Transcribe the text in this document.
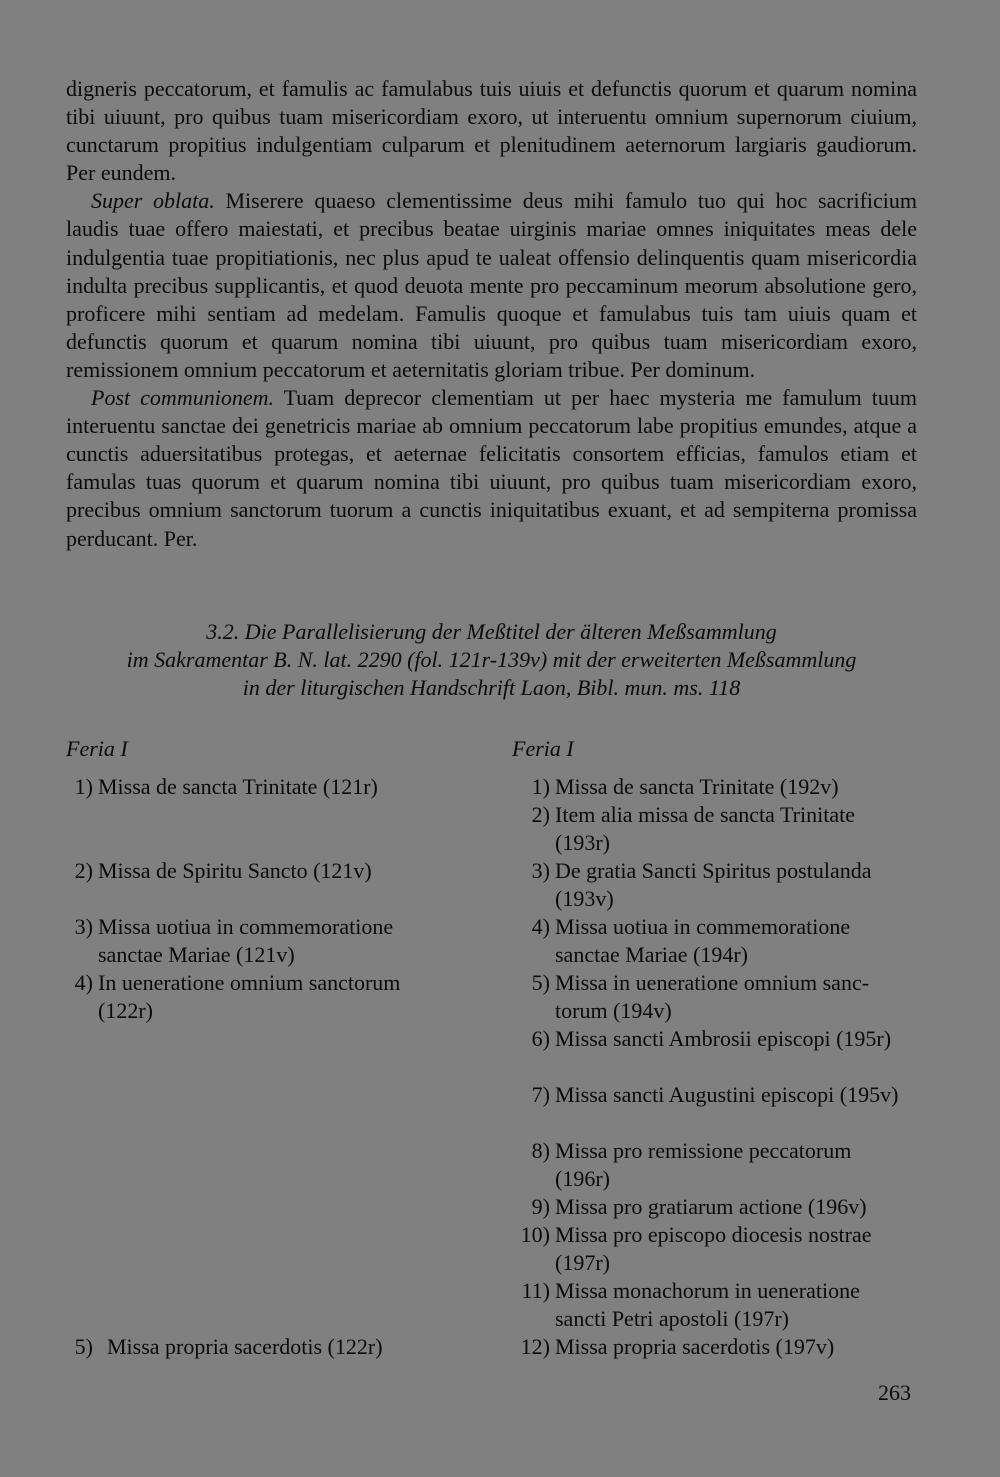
digneris peccatorum, et famulis ac famulabus tuis uiuis et defunctis quorum et quarum nomina tibi uiuunt, pro quibus tuam misericordiam exoro, ut interuentu omnium supernorum ciuium, cunctarum propitius indulgentiam culparum et plenitudinem aeternorum largiaris gaudiorum. Per eundem.

Super oblata. Miserere quaeso clementissime deus mihi famulo tuo qui hoc sacrificium laudis tuae offero maiestati, et precibus beatae uirginis mariae omnes iniquitates meas dele indulgentia tuae propitiationis, nec plus apud te ualeat offensio delinquentis quam misericordia indulta precibus supplicantis, et quod deuota mente pro peccaminum meorum absolutione gero, proficere mihi sentiam ad medelam. Famulis quoque et famulabus tuis tam uiuis quam et defunctis quorum et quarum nomina tibi uiuunt, pro quibus tuam misericordiam exoro, remissionem omnium peccatorum et aeternitatis gloriam tribue. Per dominum.

Post communionem. Tuam deprecor clementiam ut per haec mysteria me famulum tuum interuentu sanctae dei genetricis mariae ab omnium peccatorum labe propitius emundes, atque a cunctis aduersitatibus protegas, et aeternae felicitatis consortem efficias, famulos etiam et famulas tuas quorum et quarum nomina tibi uiuunt, pro quibus tuam misericordiam exoro, precibus omnium sanctorum tuorum a cunctis iniquitatibus exuant, et ad sempiterna promissa perducant. Per.

3.2. Die Parallelisierung der Meßtitel der älteren Meßsammlung
im Sakramentar B. N. lat. 2290 (fol. 121r-139v) mit der erweiterten Meßsammlung
in der liturgischen Handschrift Laon, Bibl. mun. ms. 118
Feria I	Feria I
1) Missa de sancta Trinitate (121r)
2) Missa de Spiritu Sancto (121v)
3) Missa uotiua in commemoratione sanctae Mariae (121v)
4) In ueneratione omnium sanctorum (122r)
5) Missa propria sacerdotis (122r)
1) Missa de sancta Trinitate (192v)
2) Item alia missa de sancta Trinitate (193r)
3) De gratia Sancti Spiritus postulanda (193v)
4) Missa uotiua in commemoratione sanctae Mariae (194r)
5) Missa in ueneratione omnium sanctorum (194v)
6) Missa sancti Ambrosii episcopi (195r)
7) Missa sancti Augustini episcopi (195v)
8) Missa pro remissione peccatorum (196r)
9) Missa pro gratiarum actione (196v)
10) Missa pro episcopo diocesis nostrae (197r)
11) Missa monachorum in ueneratione sancti Petri apostoli (197r)
12) Missa propria sacerdotis (197v)
263
